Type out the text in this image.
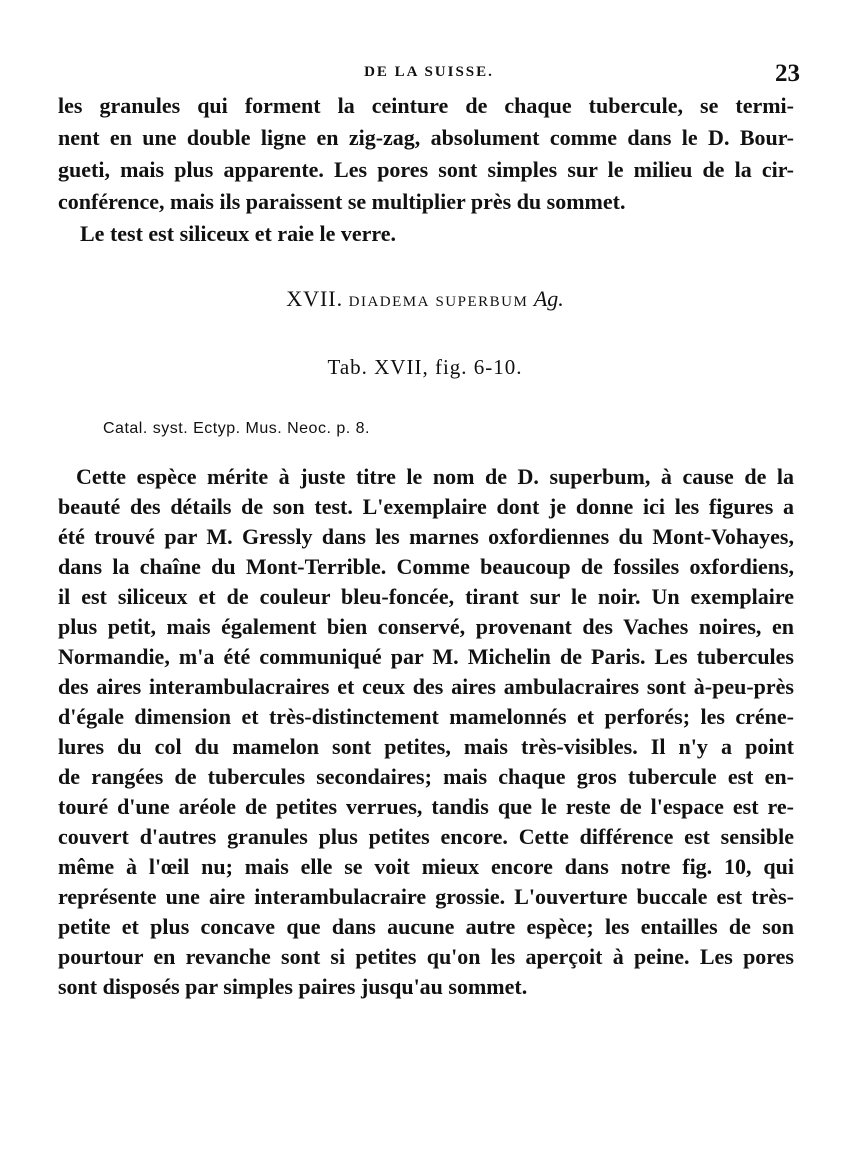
DE LA SUISSE.	23
les granules qui forment la ceinture de chaque tubercule, se termi-
nent en une double ligne en zig-zag, absolument comme dans le D. Bour-
gueti, mais plus apparente. Les pores sont simples sur le milieu de la cir-
conférence, mais ils paraissent se multiplier près du sommet.
Le test est siliceux et raie le verre.
XVII. DIADEMA SUPERBUM Ag.
Tab. XVII, fig. 6-10.
Catal. syst. Ectyp. Mus. Neoc. p. 8.
Cette espèce mérite à juste titre le nom de D. superbum, à cause de la
beauté des détails de son test. L'exemplaire dont je donne ici les figures a
été trouvé par M. Gressly dans les marnes oxfordiennes du Mont-Vohayes,
dans la chaîne du Mont-Terrible. Comme beaucoup de fossiles oxfordiens,
il est siliceux et de couleur bleu-foncée, tirant sur le noir. Un exemplaire
plus petit, mais également bien conservé, provenant des Vaches noires, en
Normandie, m'a été communiqué par M. Michelin de Paris. Les tubercules
des aires interambulacraires et ceux des aires ambulacraires sont à-peu-près
d'égale dimension et très-distinctement mamelonnés et perforés; les créne-
lures du col du mamelon sont petites, mais très-visibles. Il n'y a point
de rangées de tubercules secondaires; mais chaque gros tubercule est en-
touré d'une aréole de petites verrues, tandis que le reste de l'espace est re-
couvert d'autres granules plus petites encore. Cette différence est sensible
même à l'œil nu; mais elle se voit mieux encore dans notre fig. 10, qui
représente une aire interambulacraire grossie. L'ouverture buccale est très-
petite et plus concave que dans aucune autre espèce; les entailles de son
pourtour en revanche sont si petites qu'on les aperçoit à peine. Les pores
sont disposés par simples paires jusqu'au sommet.
